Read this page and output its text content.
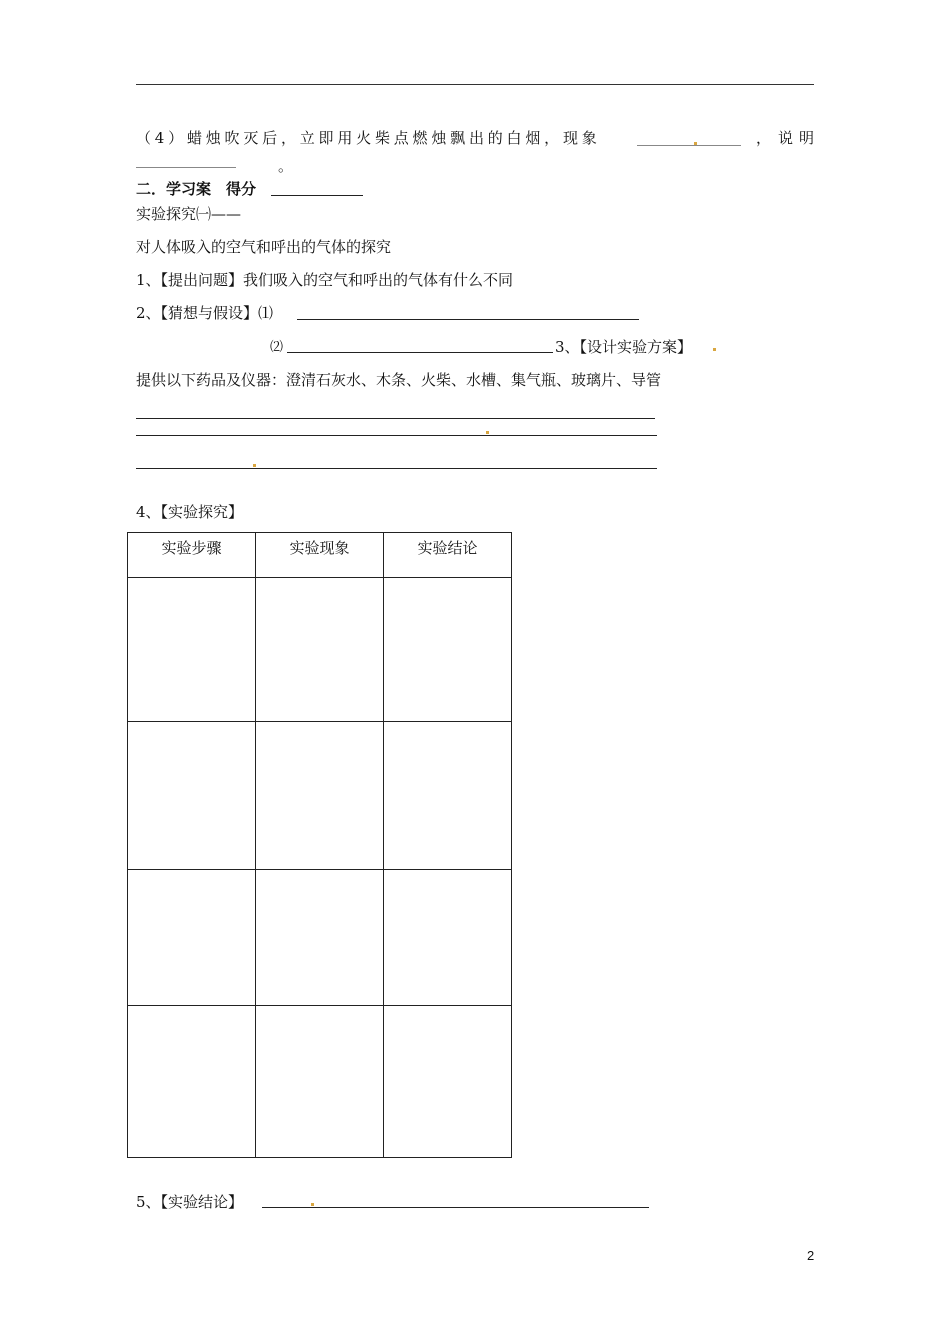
（4）蜡烛吹灭后，立即用火柴点燃烛飘出的白烟，现象	， 说明
。
二．学习案　得分
实验探究㈠——
对人体吸入的空气和呼出的气体的探究
1、【提出问题】我们吸入的空气和呼出的气体有什么不同
2、【猜想与假设】⑴
⑵	3、【设计实验方案】
提供以下药品及仪器：澄清石灰水、木条、火柴、水槽、集气瓶、玻璃片、导管
4、【实验探究】
实验步骤	实验现象	实验结论

5、【实验结论】
2
